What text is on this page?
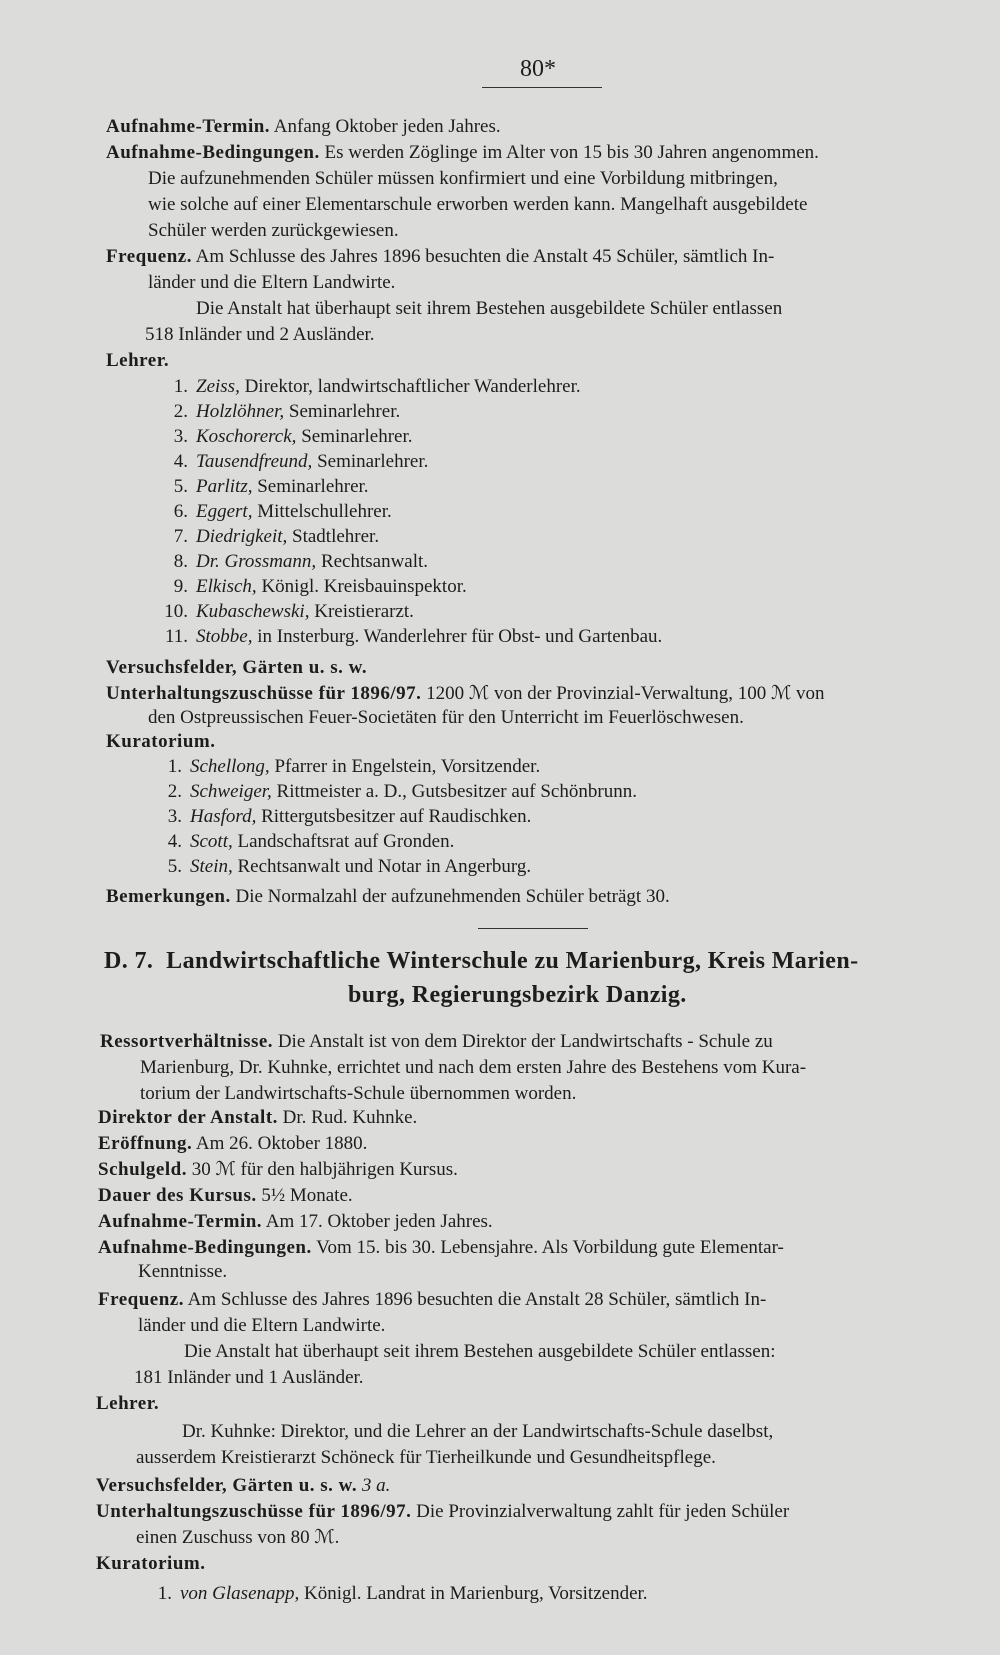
80*
Aufnahme-Termin. Anfang Oktober jeden Jahres.
Aufnahme-Bedingungen. Es werden Zöglinge im Alter von 15 bis 30 Jahren angenommen.
Die aufzunehmenden Schüler müssen konfirmiert und eine Vorbildung mitbringen,
wie solche auf einer Elementarschule erworben werden kann. Mangelhaft ausgebildete
Schüler werden zurückgewiesen.
Frequenz. Am Schlusse des Jahres 1896 besuchten die Anstalt 45 Schüler, sämtlich In-
länder und die Eltern Landwirte.
Die Anstalt hat überhaupt seit ihrem Bestehen ausgebildete Schüler entlassen
518 Inländer und 2 Ausländer.
Lehrer.
1. Zeiss, Direktor, landwirtschaftlicher Wanderlehrer.
2. Holzlöhner, Seminarlehrer.
3. Koschorerck, Seminarlehrer.
4. Tausendfreund, Seminarlehrer.
5. Parlitz, Seminarlehrer.
6. Eggert, Mittelschullehrer.
7. Diedrigkeit, Stadtlehrer.
8. Dr. Grossmann, Rechtsanwalt.
9. Elkisch, Königl. Kreisbauinspektor.
10. Kubaschewski, Kreistierarzt.
11. Stobbe, in Insterburg. Wanderlehrer für Obst- und Gartenbau.
Versuchsfelder, Gärten u. s. w.
Unterhaltungszuschüsse für 1896/97. 1200 ℳ von der Provinzial-Verwaltung, 100 ℳ von
den Ostpreussischen Feuer-Societäten für den Unterricht im Feuerlöschwesen.
Kuratorium.
1. Schellong, Pfarrer in Engelstein, Vorsitzender.
2. Schweiger, Rittmeister a. D., Gutsbesitzer auf Schönbrunn.
3. Hasford, Rittergutsbesitzer auf Raudischken.
4. Scott, Landschaftsrat auf Gronden.
5. Stein, Rechtsanwalt und Notar in Angerburg.
Bemerkungen. Die Normalzahl der aufzunehmenden Schüler beträgt 30.
D. 7. Landwirtschaftliche Winterschule zu Marienburg, Kreis Marien-
burg, Regierungsbezirk Danzig.
Ressortverhältnisse. Die Anstalt ist von dem Direktor der Landwirtschafts - Schule zu
Marienburg, Dr. Kuhnke, errichtet und nach dem ersten Jahre des Bestehens vom Kura-
torium der Landwirtschafts-Schule übernommen worden.
Direktor der Anstalt. Dr. Rud. Kuhnke.
Eröffnung. Am 26. Oktober 1880.
Schulgeld. 30 ℳ für den halbjährigen Kursus.
Dauer des Kursus. 5½ Monate.
Aufnahme-Termin. Am 17. Oktober jeden Jahres.
Aufnahme-Bedingungen. Vom 15. bis 30. Lebensjahre. Als Vorbildung gute Elementar-
Kenntnisse.
Frequenz. Am Schlusse des Jahres 1896 besuchten die Anstalt 28 Schüler, sämtlich In-
länder und die Eltern Landwirte.
Die Anstalt hat überhaupt seit ihrem Bestehen ausgebildete Schüler entlassen:
181 Inländer und 1 Ausländer.
Lehrer.
Dr. Kuhnke: Direktor, und die Lehrer an der Landwirtschafts-Schule daselbst,
ausserdem Kreistierarzt Schöneck für Tierheilkunde und Gesundheitspflege.
Versuchsfelder, Gärten u. s. w. 3 a.
Unterhaltungszuschüsse für 1896/97. Die Provinzialverwaltung zahlt für jeden Schüler
einen Zuschuss von 80 ℳ.
Kuratorium.
1. von Glasenapp, Königl. Landrat in Marienburg, Vorsitzender.
